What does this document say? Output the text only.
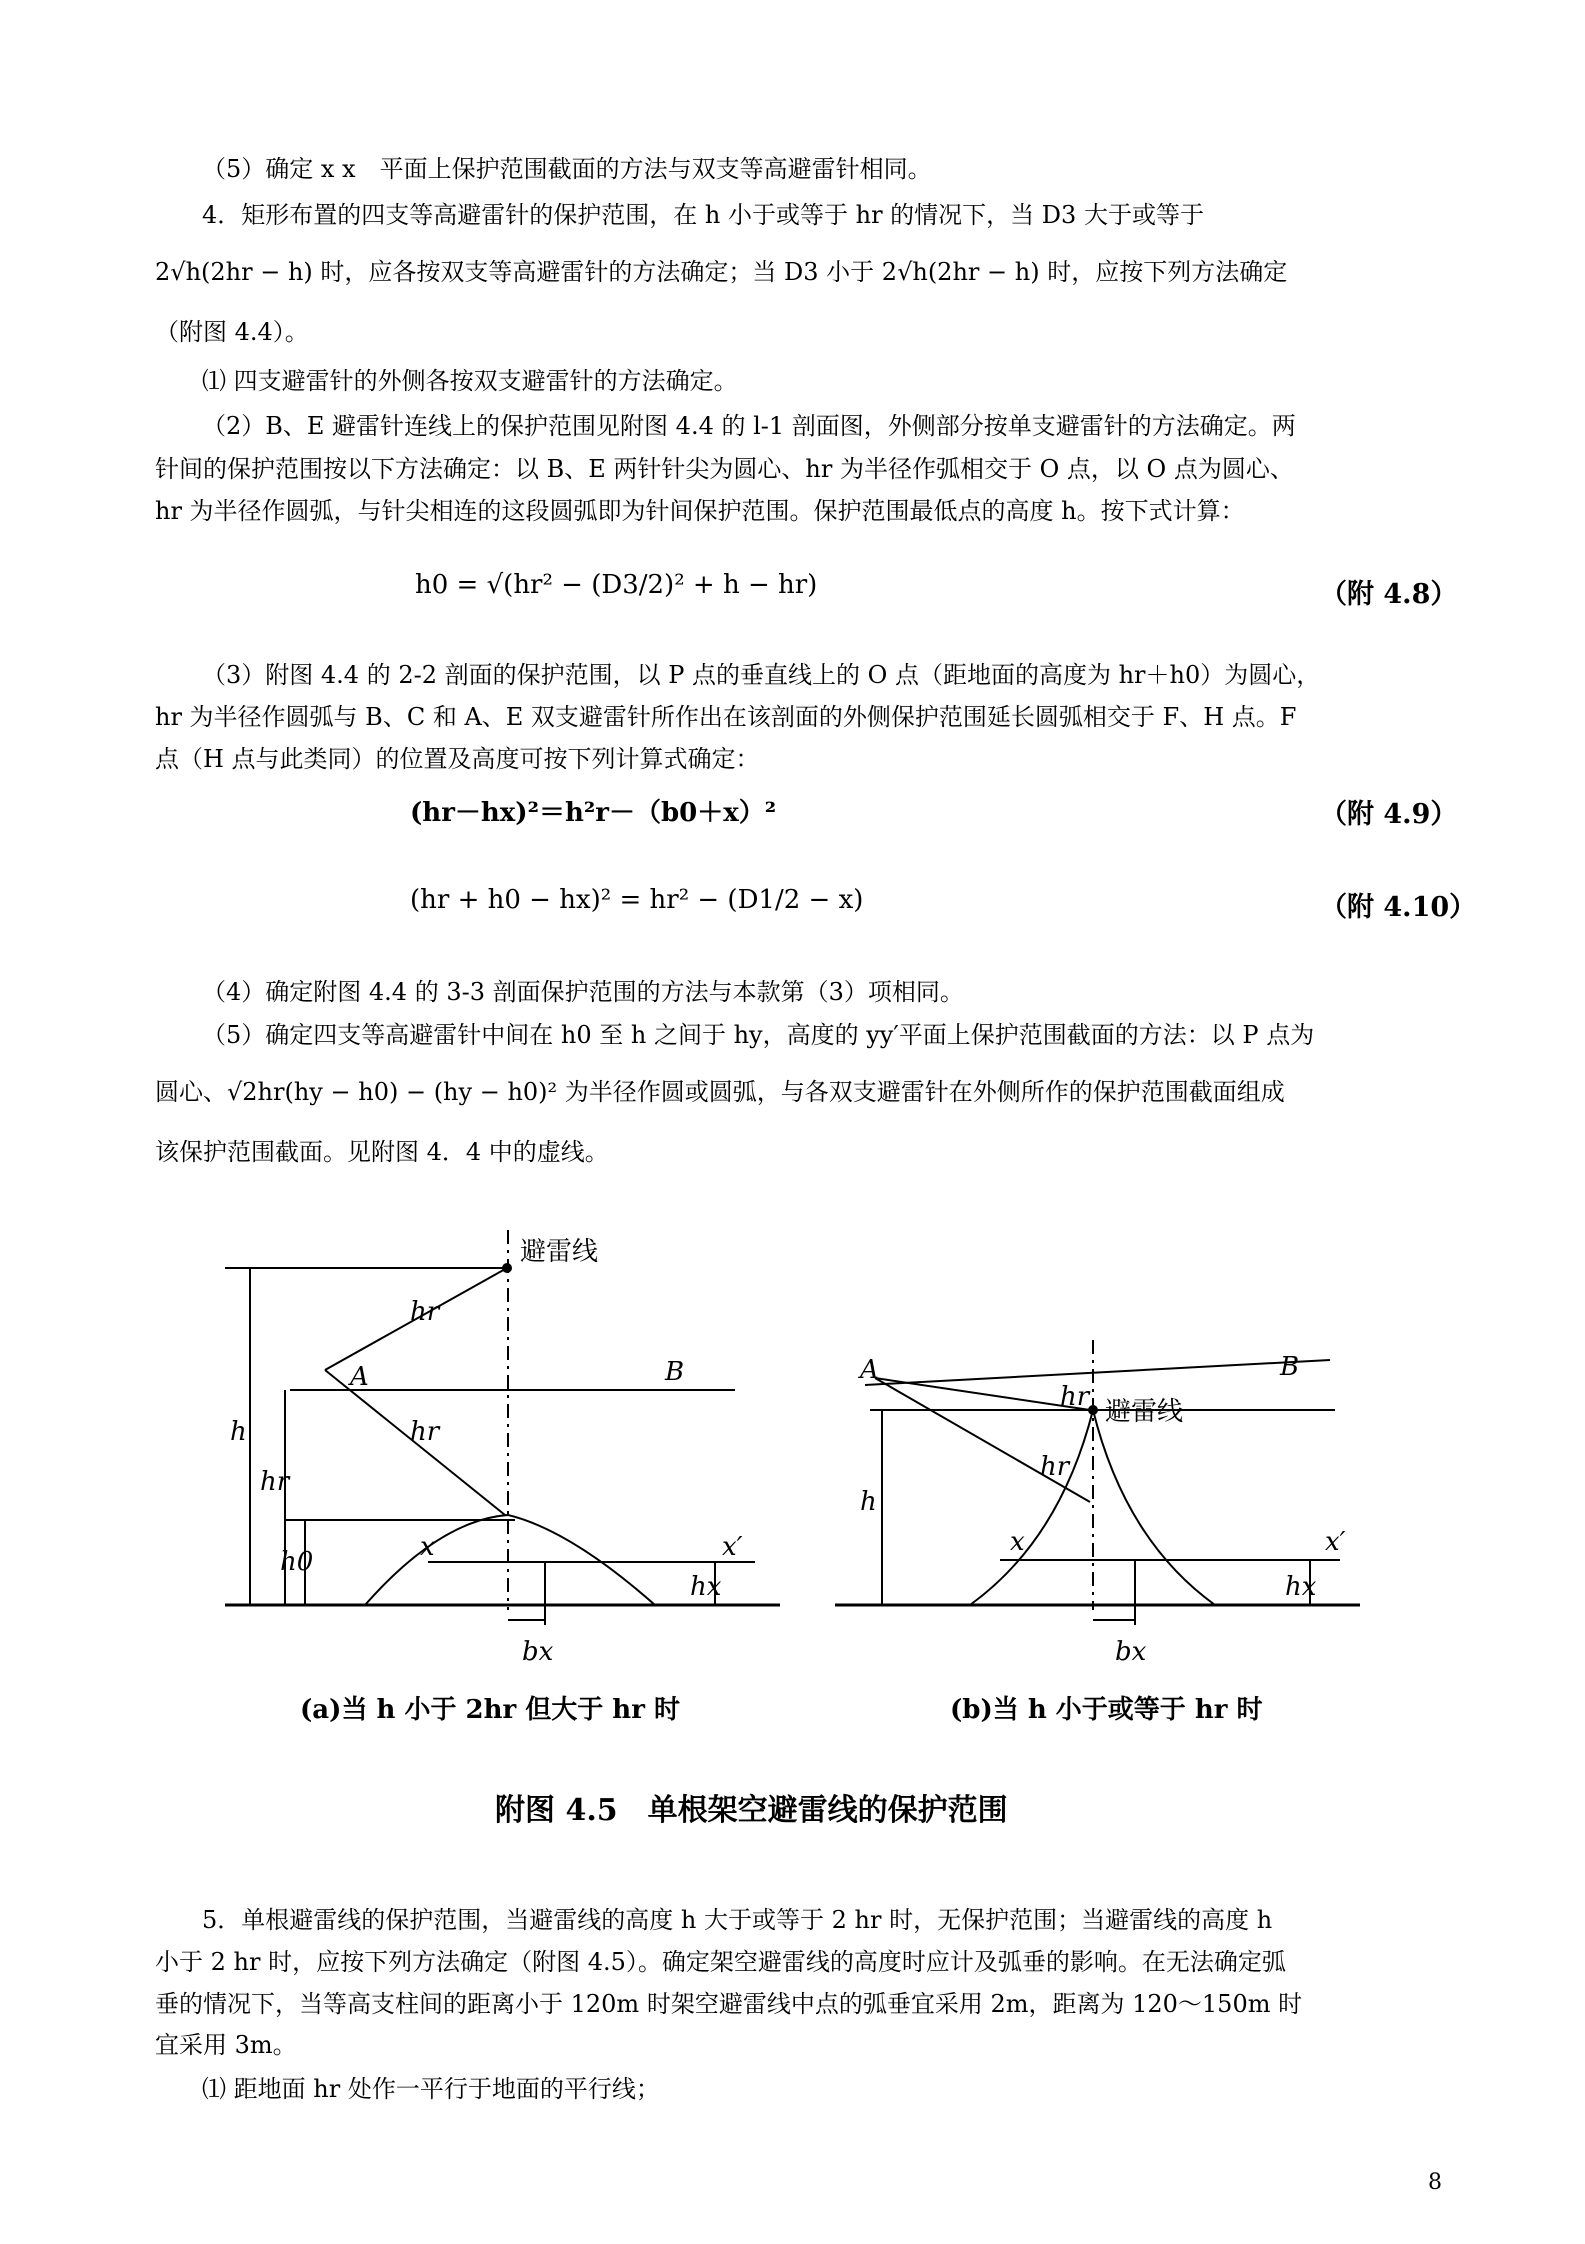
（5）确定 x x　平面上保护范围截面的方法与双支等高避雷针相同。
4．矩形布置的四支等高避雷针的保护范围，在 h 小于或等于 hr 的情况下，当 D3 大于或等于
2√h(2hr − h) 时，应各按双支等高避雷针的方法确定；当 D3 小于 2√h(2hr − h) 时，应按下列方法确定
（附图 4.4）。
⑴ 四支避雷针的外侧各按双支避雷针的方法确定。
（2）B、E 避雷针连线上的保护范围见附图 4.4 的 l-1 剖面图，外侧部分按单支避雷针的方法确定。两
针间的保护范围按以下方法确定：以 B、E 两针针尖为圆心、hr 为半径作弧相交于 O 点，以 O 点为圆心、
hr 为半径作圆弧，与针尖相连的这段圆弧即为针间保护范围。保护范围最低点的高度 h。按下式计算：
h0 = √(hr² − (D3/2)² + h − hr)	（附 4.8）
（3）附图 4.4 的 2-2 剖面的保护范围，以 P 点的垂直线上的 O 点（距地面的高度为 hr＋h0）为圆心，
hr 为半径作圆弧与 B、C 和 A、E 双支避雷针所作出在该剖面的外侧保护范围延长圆弧相交于 F、H 点。F
点（H 点与此类同）的位置及高度可按下列计算式确定：
(hr－hx)²＝h²r－（b0＋x）²	（附 4.9）
(hr + h0 − hx)² = hr² − (D1/2 − x)	（附 4.10）
（4）确定附图 4.4 的 3-3 剖面保护范围的方法与本款第（3）项相同。
（5）确定四支等高避雷针中间在 h0 至 h 之间于 hy，高度的 yy′平面上保护范围截面的方法：以 P 点为
圆心、√2hr(hy − h0) − (hy − h0)² 为半径作圆或圆弧，与各双支避雷针在外侧所作的保护范围截面组成
该保护范围截面。见附图 4．4 中的虚线。
避雷线
避雷线
A	B	A	B
hr
hr
h
hr
h0	x	x′
hx
bx
hr
hr
h
x	x′
hx
bx
(a)当 h 小于 2hr 但大于 hr 时	(b)当 h 小于或等于 hr 时
附图 4.5　单根架空避雷线的保护范围
5．单根避雷线的保护范围，当避雷线的高度 h 大于或等于 2 hr 时，无保护范围；当避雷线的高度 h
小于 2 hr 时，应按下列方法确定（附图 4.5）。确定架空避雷线的高度时应计及弧垂的影响。在无法确定弧
垂的情况下，当等高支柱间的距离小于 120m 时架空避雷线中点的弧垂宜采用 2m，距离为 120～150m 时
宜采用 3m。
⑴ 距地面 hr 处作一平行于地面的平行线；
8
